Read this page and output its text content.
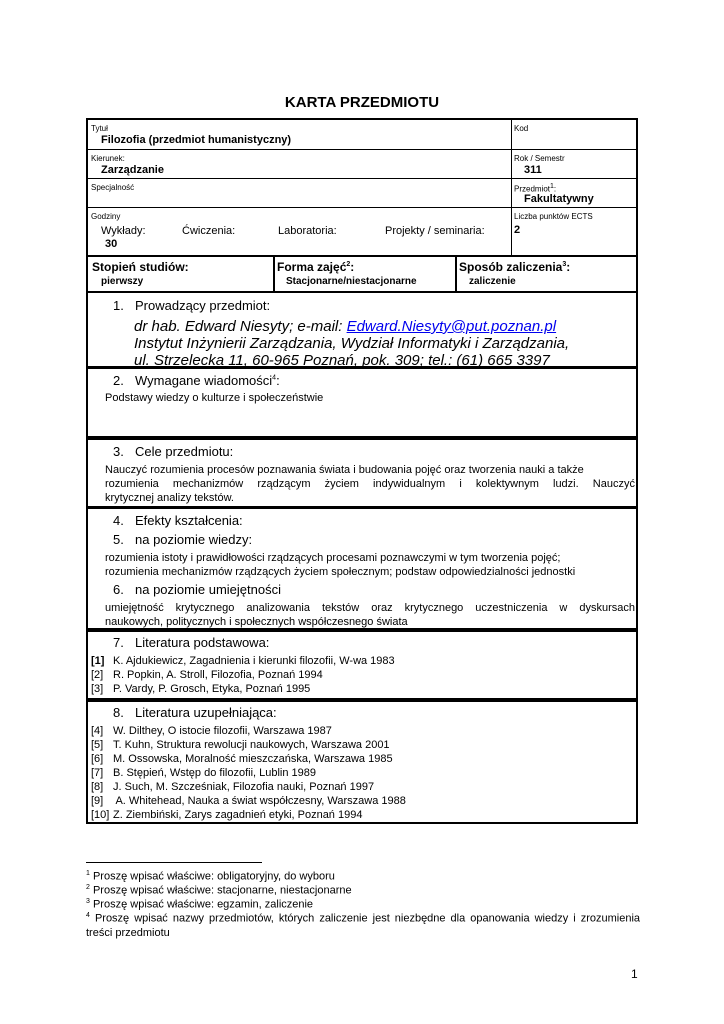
KARTA PRZEDMIOTU
Tytuł
Filozofia (przedmiot humanistyczny)
Kod
Kierunek:
Zarządzanie
Rok / Semestr
311
Specjalność	Przedmiot$^1$:
Fakultatywny
Godziny
Wykłady:
30
Ćwiczenia:	Laboratoria:	Projekty / seminaria:
Liczba punktów ECTS
2
Stopień studiów:
pierwszy
Forma zajęć$^2$:
Stacjonarne/niestacjonarne
Sposób zaliczenia$^3$:
zaliczenie
1. Prowadzący przedmiot:
dr hab. Edward Niesyty; e-mail: Edward.Niesyty@put.poznan.pl
Instytut Inżynierii Zarządzania, Wydział Informatyki i Zarządzania,
ul. Strzelecka 11, 60-965 Poznań, pok. 309; tel.: (61) 665 3397
2. Wymagane wiadomości$^4$:
Podstawy wiedzy o kulturze i społeczeństwie
3. Cele przedmiotu:
Nauczyć rozumienia procesów poznawania świata i budowania pojęć oraz tworzenia nauki a także
rozumienia mechanizmów rządzącym życiem indywidualnym i kolektywnym ludzi. Nauczyć
krytycznej analizy tekstów.
4. Efekty kształcenia:
5. na poziomie wiedzy:
rozumienia istoty i prawidłowości rządzących procesami poznawczymi w tym tworzenia pojęć;
rozumienia mechanizmów rządzących życiem społecznym; podstaw odpowiedzialności jednostki
6. na poziomie umiejętności
umiejętność krytycznego analizowania tekstów oraz krytycznego uczestniczenia w dyskursach
naukowych, politycznych i społecznych współczesnego świata
7. Literatura podstawowa:
[1] K. Ajdukiewicz, Zagadnienia i kierunki filozofii, W-wa 1983
[2] R. Popkin, A. Stroll, Filozofia, Poznań 1994
[3] P. Vardy, P. Grosch, Etyka, Poznań 1995
8. Literatura uzupełniająca:
[4] W. Dilthey, O istocie filozofii, Warszawa 1987
[5] T. Kuhn, Struktura rewolucji naukowych, Warszawa 2001
[6] M. Ossowska, Moralność mieszczańska, Warszawa 1985
[7] B. Stępień, Wstęp do filozofii, Lublin 1989
[8] J. Such, M. Szcześniak, Filozofia nauki, Poznań 1997
[9] A. Whitehead, Nauka a świat współczesny, Warszawa 1988
[10] Z. Ziembiński, Zarys zagadnień etyki, Poznań 1994
$^1$ Proszę wpisać właściwe: obligatoryjny, do wyboru
$^2$ Proszę wpisać właściwe: stacjonarne, niestacjonarne
$^3$ Proszę wpisać właściwe: egzamin, zaliczenie
$^4$ Proszę wpisać nazwy przedmiotów, których zaliczenie jest niezbędne dla opanowania wiedzy i zrozumienia treści przedmiotu
1
